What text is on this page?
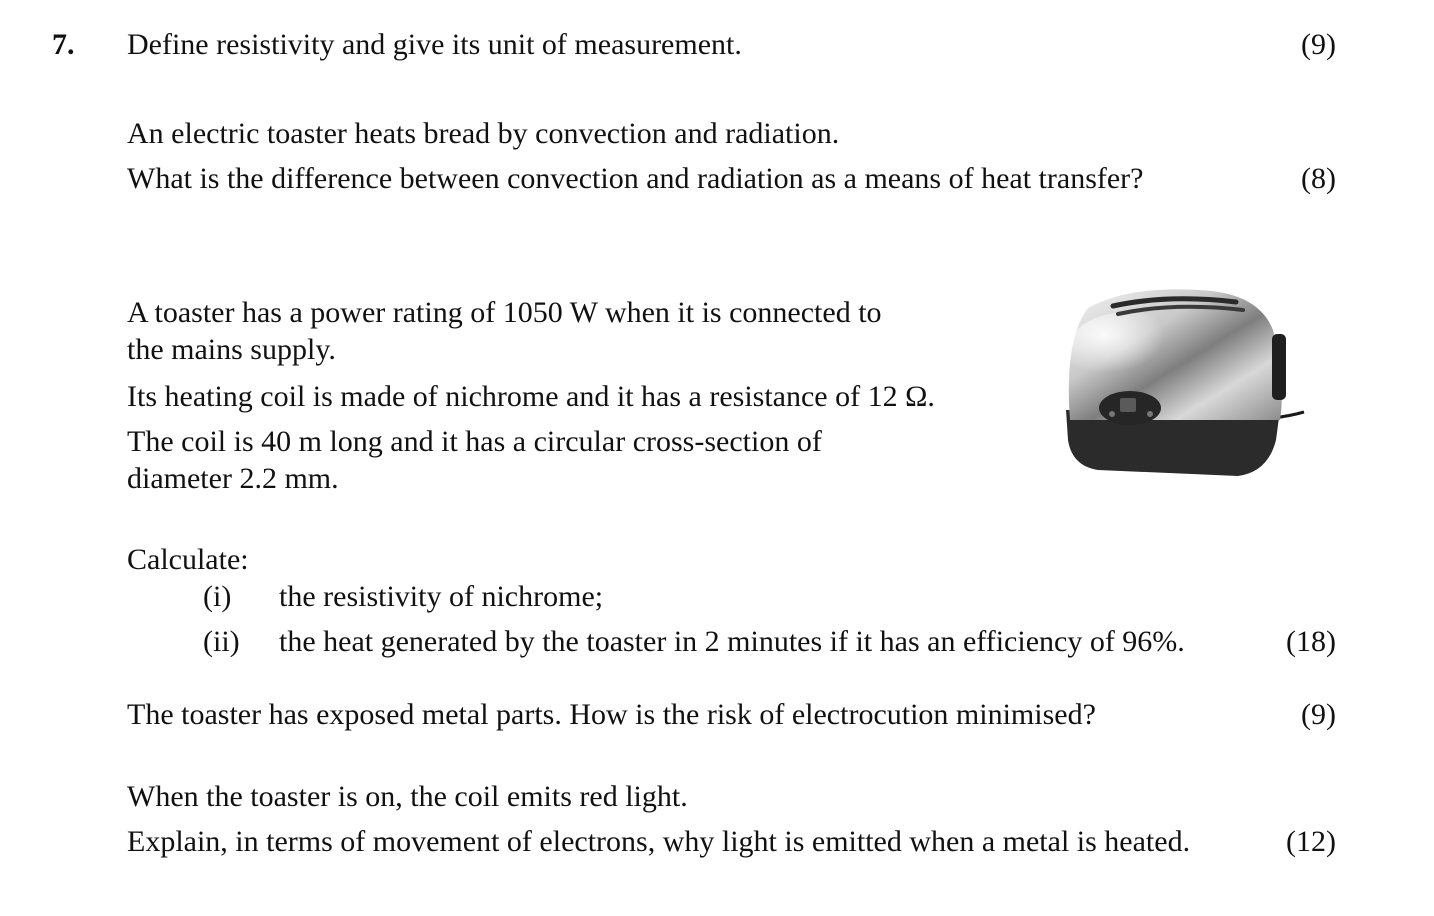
7. Define resistivity and give its unit of measurement.	(9)
An electric toaster heats bread by convection and radiation.
What is the difference between convection and radiation as a means of heat transfer?	(8)
A toaster has a power rating of 1050 W when it is connected to
the mains supply.
Its heating coil is made of nichrome and it has a resistance of 12 Ω.
The coil is 40 m long and it has a circular cross-section of
diameter 2.2 mm.
Calculate:
(i) the resistivity of nichrome;
(ii) the heat generated by the toaster in 2 minutes if it has an efficiency of 96%.	(18)
The toaster has exposed metal parts. How is the risk of electrocution minimised?	(9)
When the toaster is on, the coil emits red light.
Explain, in terms of movement of electrons, why light is emitted when a metal is heated.	(12)
